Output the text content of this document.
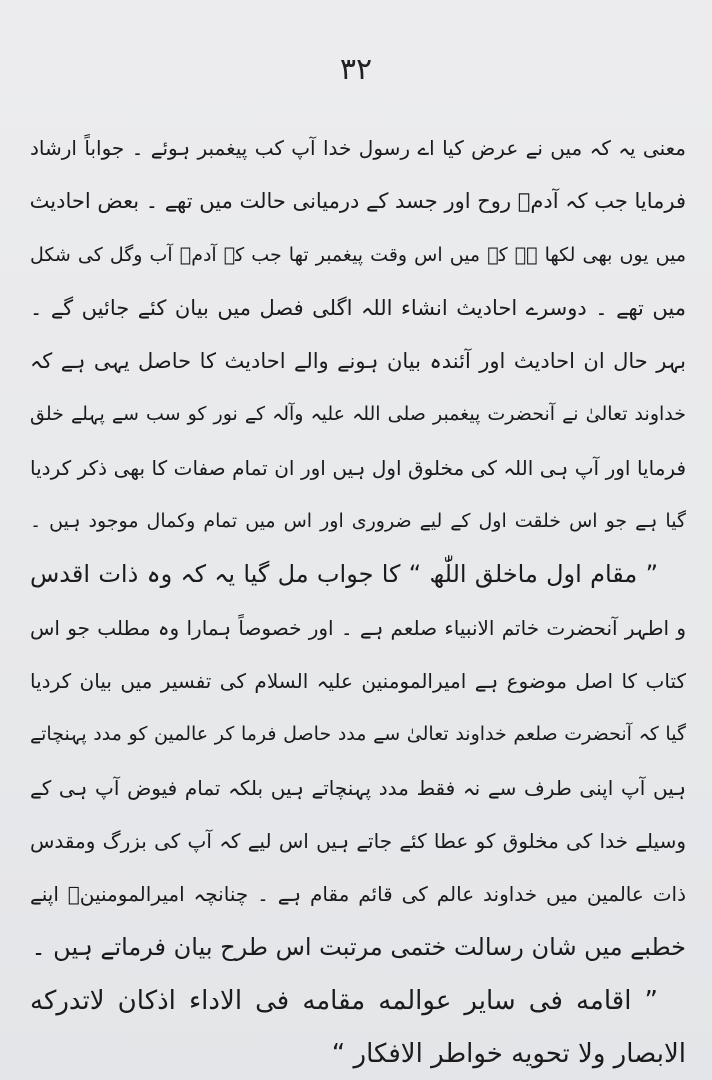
۳۲
معنی یہ کہ میں نے عرض کیا اے رسول خدا آپ کب پیغمبر ہوئے ۔ جواباً ارشاد
فرمایا جب کہ آدمؑ روح اور جسد کے درمیانی حالت میں تھے ۔ بعض احادیث
میں یوں بھی لکھا ہے کہ میں اس وقت پیغمبر تھا جب کہ آدمؑ آب وگل کی شکل
میں تھے ۔ دوسرے احادیث انشاء اللہ اگلی فصل میں بیان کئے جائیں گے ۔
بہر حال ان احادیث اور آئندہ بیان ہونے والے احادیث کا حاصل یہی ہے کہ
خداوند تعالیٰ نے آنحضرت پیغمبر صلی اللہ علیہ وآلہ کے نور کو سب سے پہلے خلق
فرمایا اور آپ ہی اللہ کی مخلوق اول ہیں اور ان تمام صفات کا بھی ذکر کردیا
گیا ہے جو اس خلقت اول کے لیے ضروری اور اس میں تمام وکمال موجود ہیں ۔
” مقام اول ماخلق اللّٰھ “ کا جواب مل گیا یہ کہ وہ ذات اقدس
و اطہر آنحضرت خاتم الانبیاء صلعم ہے ۔ اور خصوصاً ہمارا وہ مطلب جو اس
کتاب کا اصل موضوع ہے امیرالمومنین علیہ السلام کی تفسیر میں بیان کردیا
گیا کہ آنحضرت صلعم خداوند تعالیٰ سے مدد حاصل فرما کر عالمین کو مدد پہنچاتے
ہیں آپ اپنی طرف سے نہ فقط مدد پہنچاتے ہیں بلکہ تمام فیوض آپ ہی کے
وسیلے خدا کی مخلوق کو عطا کئے جاتے ہیں اس لیے کہ آپ کی بزرگ ومقدس
ذات عالمین میں خداوند عالم کی قائم مقام ہے ۔ چنانچہ امیرالمومنینؑ اپنے
خطبے میں شان رسالت ختمی مرتبت اس طرح بیان فرماتے ہیں ۔
” اقامه فی سایر عوالمه مقامه فی الاداء اذکان لاتدرکه
الابصار ولا تحویه خواطر الافکار “
